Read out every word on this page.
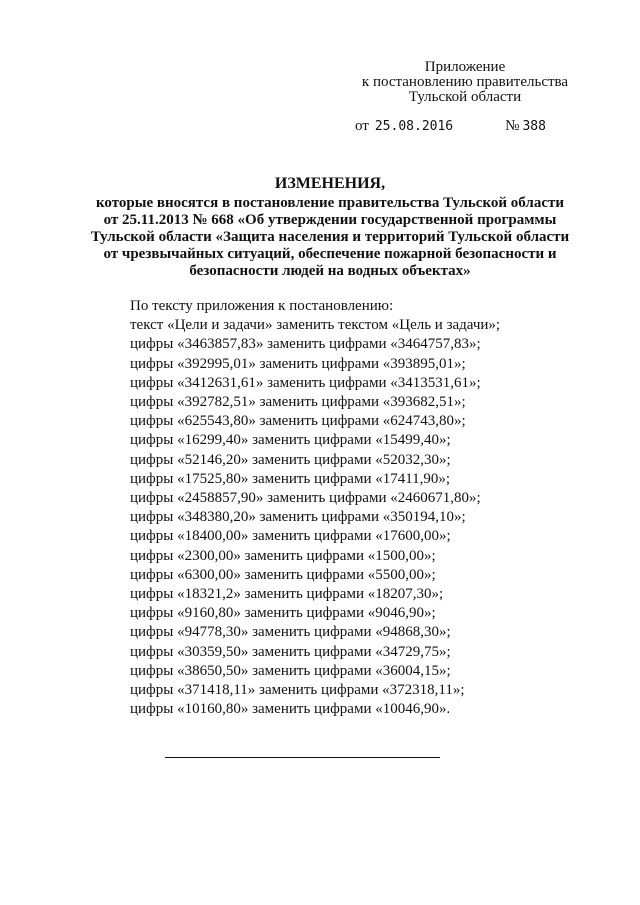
Приложение
к постановлению правительства
Тульской области
от 25.08.2016	№ 388
ИЗМЕНЕНИЯ,
которые вносятся в постановление правительства Тульской области
от 25.11.2013 № 668 «Об утверждении государственной программы
Тульской области «Защита населения и территорий Тульской области
от чрезвычайных ситуаций, обеспечение пожарной безопасности и
безопасности людей на водных объектах»
По тексту приложения к постановлению:
текст «Цели и задачи» заменить текстом «Цель и задачи»;
цифры «3463857,83» заменить цифрами «3464757,83»;
цифры «392995,01» заменить цифрами «393895,01»;
цифры «3412631,61» заменить цифрами «3413531,61»;
цифры «392782,51» заменить цифрами «393682,51»;
цифры «625543,80» заменить цифрами «624743,80»;
цифры «16299,40» заменить цифрами «15499,40»;
цифры «52146,20» заменить цифрами «52032,30»;
цифры «17525,80» заменить цифрами «17411,90»;
цифры «2458857,90» заменить цифрами «2460671,80»;
цифры «348380,20» заменить цифрами «350194,10»;
цифры «18400,00» заменить цифрами «17600,00»;
цифры «2300,00» заменить цифрами «1500,00»;
цифры «6300,00» заменить цифрами «5500,00»;
цифры «18321,2» заменить цифрами «18207,30»;
цифры «9160,80» заменить цифрами «9046,90»;
цифры «94778,30» заменить цифрами «94868,30»;
цифры «30359,50» заменить цифрами «34729,75»;
цифры «38650,50» заменить цифрами «36004,15»;
цифры «371418,11» заменить цифрами «372318,11»;
цифры «10160,80» заменить цифрами «10046,90».
